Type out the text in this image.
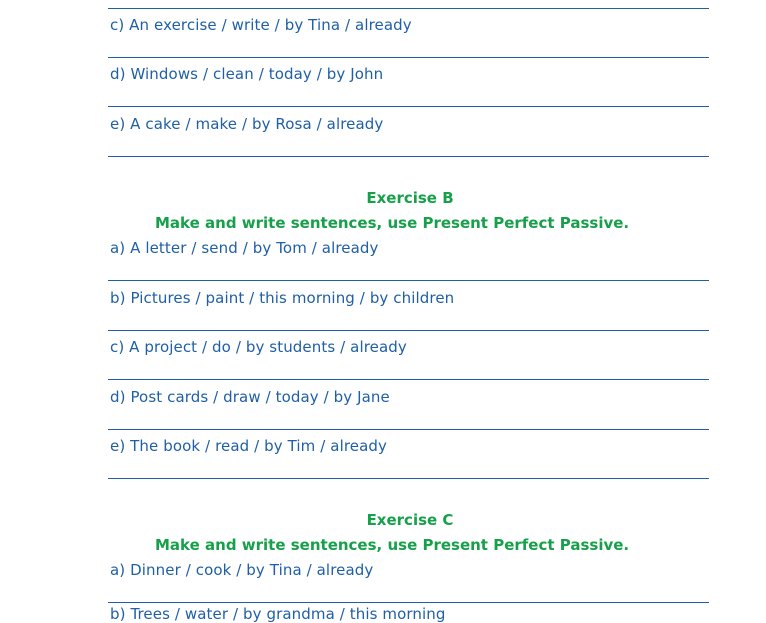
c) An exercise / write / by Tina / already
d) Windows / clean / today / by John
e) A cake / make / by Rosa / already
Exercise B
Make and write sentences, use Present Perfect Passive.
a) A letter / send / by Tom / already
b) Pictures / paint / this morning / by children
c) A project / do / by students / already
d) Post cards / draw / today / by Jane
e) The book / read / by Tim / already
Exercise C
Make and write sentences, use Present Perfect Passive.
a) Dinner / cook / by Tina / already
b) Trees / water / by grandma / this morning
